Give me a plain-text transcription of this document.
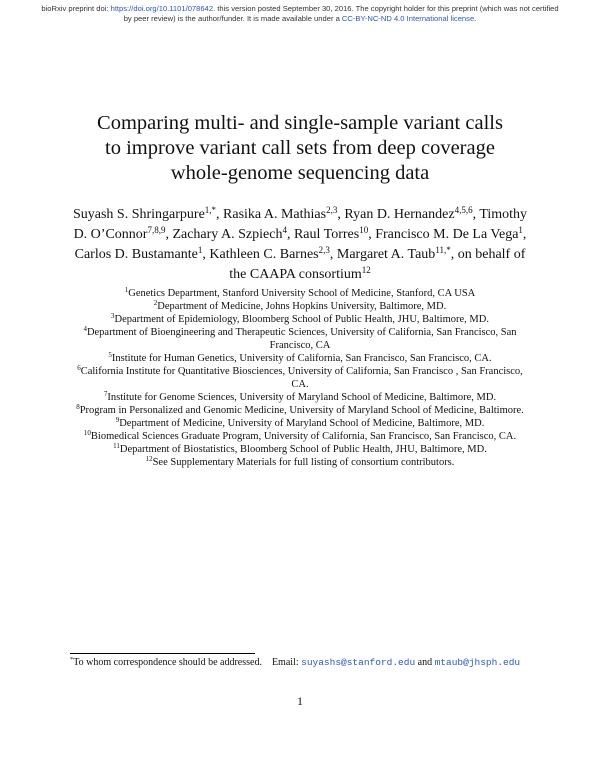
bioRxiv preprint doi: https://doi.org/10.1101/078642. this version posted September 30, 2016. The copyright holder for this preprint (which was not certified by peer review) is the author/funder. It is made available under a CC-BY-NC-ND 4.0 International license.
Comparing multi- and single-sample variant calls
to improve variant call sets from deep coverage
whole-genome sequencing data

Suyash S. Shringarpure$^{1,*}$, Rasika A. Mathias$^{2,3}$, Ryan D. Hernandez$^{4,5,6}$, Timothy D. O’Connor$^{7,8,9}$, Zachary A. Szpiech$^4$, Raul Torres$^{10}$, Francisco M. De La Vega$^1$, Carlos D. Bustamante$^1$, Kathleen C. Barnes$^{2,3}$, Margaret A. Taub$^{11,*}$, on behalf of the CAAPA consortium$^{12}$

$^1$Genetics Department, Stanford University School of Medicine, Stanford, CA USA

$^2$Department of Medicine, Johns Hopkins University, Baltimore, MD.

$^3$Department of Epidemiology, Bloomberg School of Public Health, JHU, Baltimore, MD.

$^4$Department of Bioengineering and Therapeutic Sciences, University of California, San Francisco, San Francisco, CA

$^5$Institute for Human Genetics, University of California, San Francisco, San Francisco, CA.

$^6$California Institute for Quantitative Biosciences, University of California, San Francisco , San Francisco, CA.

$^7$Institute for Genome Sciences, University of Maryland School of Medicine, Baltimore, MD.

$^8$Program in Personalized and Genomic Medicine, University of Maryland School of Medicine, Baltimore.

$^9$Department of Medicine, University of Maryland School of Medicine, Baltimore, MD.

$^{10}$Biomedical Sciences Graduate Program, University of California, San Francisco, San Francisco, CA.

$^{11}$Department of Biostatistics, Bloomberg School of Public Health, JHU, Baltimore, MD.

$^{12}$See Supplementary Materials for full listing of consortium contributors.

*To whom correspondence should be addressed. Email: suyashs@stanford.edu and mtaub@jhsph.edu
1
